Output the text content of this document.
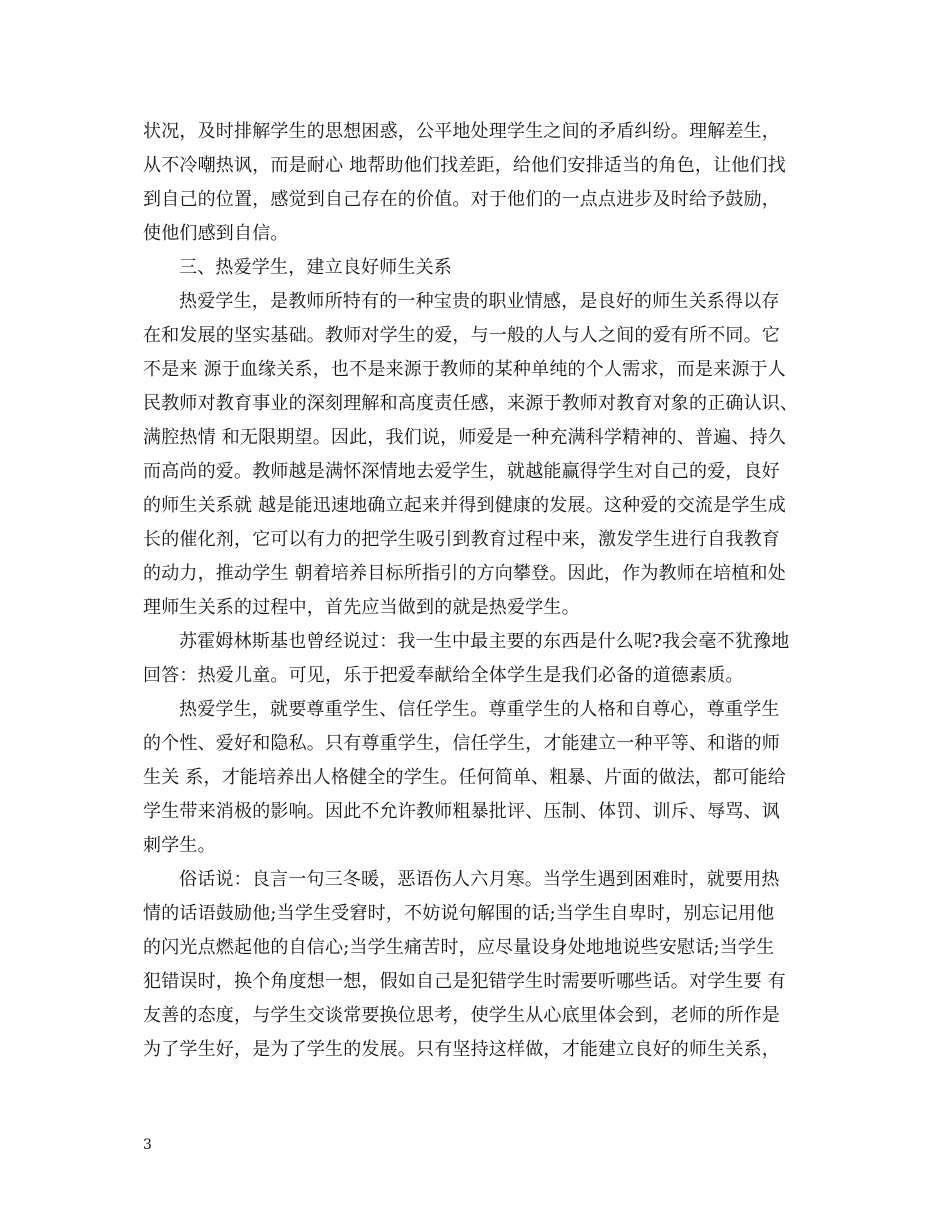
状况，及时排解学生的思想困惑，公平地处理学生之间的矛盾纠纷。理解差生，
从不冷嘲热讽，而是耐心 地帮助他们找差距，给他们安排适当的角色，让他们找
到自己的位置，感觉到自己存在的价值。对于他们的一点点进步及时给予鼓励，
使他们感到自信。
三、热爱学生，建立良好师生关系
热爱学生，是教师所特有的一种宝贵的职业情感，是良好的师生关系得以存
在和发展的坚实基础。教师对学生的爱，与一般的人与人之间的爱有所不同。它
不是来 源于血缘关系，也不是来源于教师的某种单纯的个人需求，而是来源于人
民教师对教育事业的深刻理解和高度责任感，来源于教师对教育对象的正确认识、
满腔热情 和无限期望。因此，我们说，师爱是一种充满科学精神的、普遍、持久
而高尚的爱。教师越是满怀深情地去爱学生，就越能赢得学生对自己的爱，良好
的师生关系就 越是能迅速地确立起来并得到健康的发展。这种爱的交流是学生成
长的催化剂，它可以有力的把学生吸引到教育过程中来，激发学生进行自我教育
的动力，推动学生 朝着培养目标所指引的方向攀登。因此，作为教师在培植和处
理师生关系的过程中，首先应当做到的就是热爱学生。
苏霍姆林斯基也曾经说过：我一生中最主要的东西是什么呢?我会毫不犹豫地
回答：热爱儿童。可见，乐于把爱奉献给全体学生是我们必备的道德素质。
热爱学生，就要尊重学生、信任学生。尊重学生的人格和自尊心，尊重学生
的个性、爱好和隐私。只有尊重学生，信任学生，才能建立一种平等、和谐的师
生关 系，才能培养出人格健全的学生。任何简单、粗暴、片面的做法，都可能给
学生带来消极的影响。因此不允许教师粗暴批评、压制、体罚、训斥、辱骂、讽
刺学生。
俗话说：良言一句三冬暖，恶语伤人六月寒。当学生遇到困难时，就要用热
情的话语鼓励他;当学生受窘时，不妨说句解围的话;当学生自卑时，别忘记用他
的闪光点燃起他的自信心;当学生痛苦时，应尽量设身处地地说些安慰话;当学生
犯错误时，换个角度想一想，假如自己是犯错学生时需要听哪些话。对学生要 有
友善的态度，与学生交谈常要换位思考，使学生从心底里体会到，老师的所作是
为了学生好，是为了学生的发展。只有坚持这样做，才能建立良好的师生关系，
3
